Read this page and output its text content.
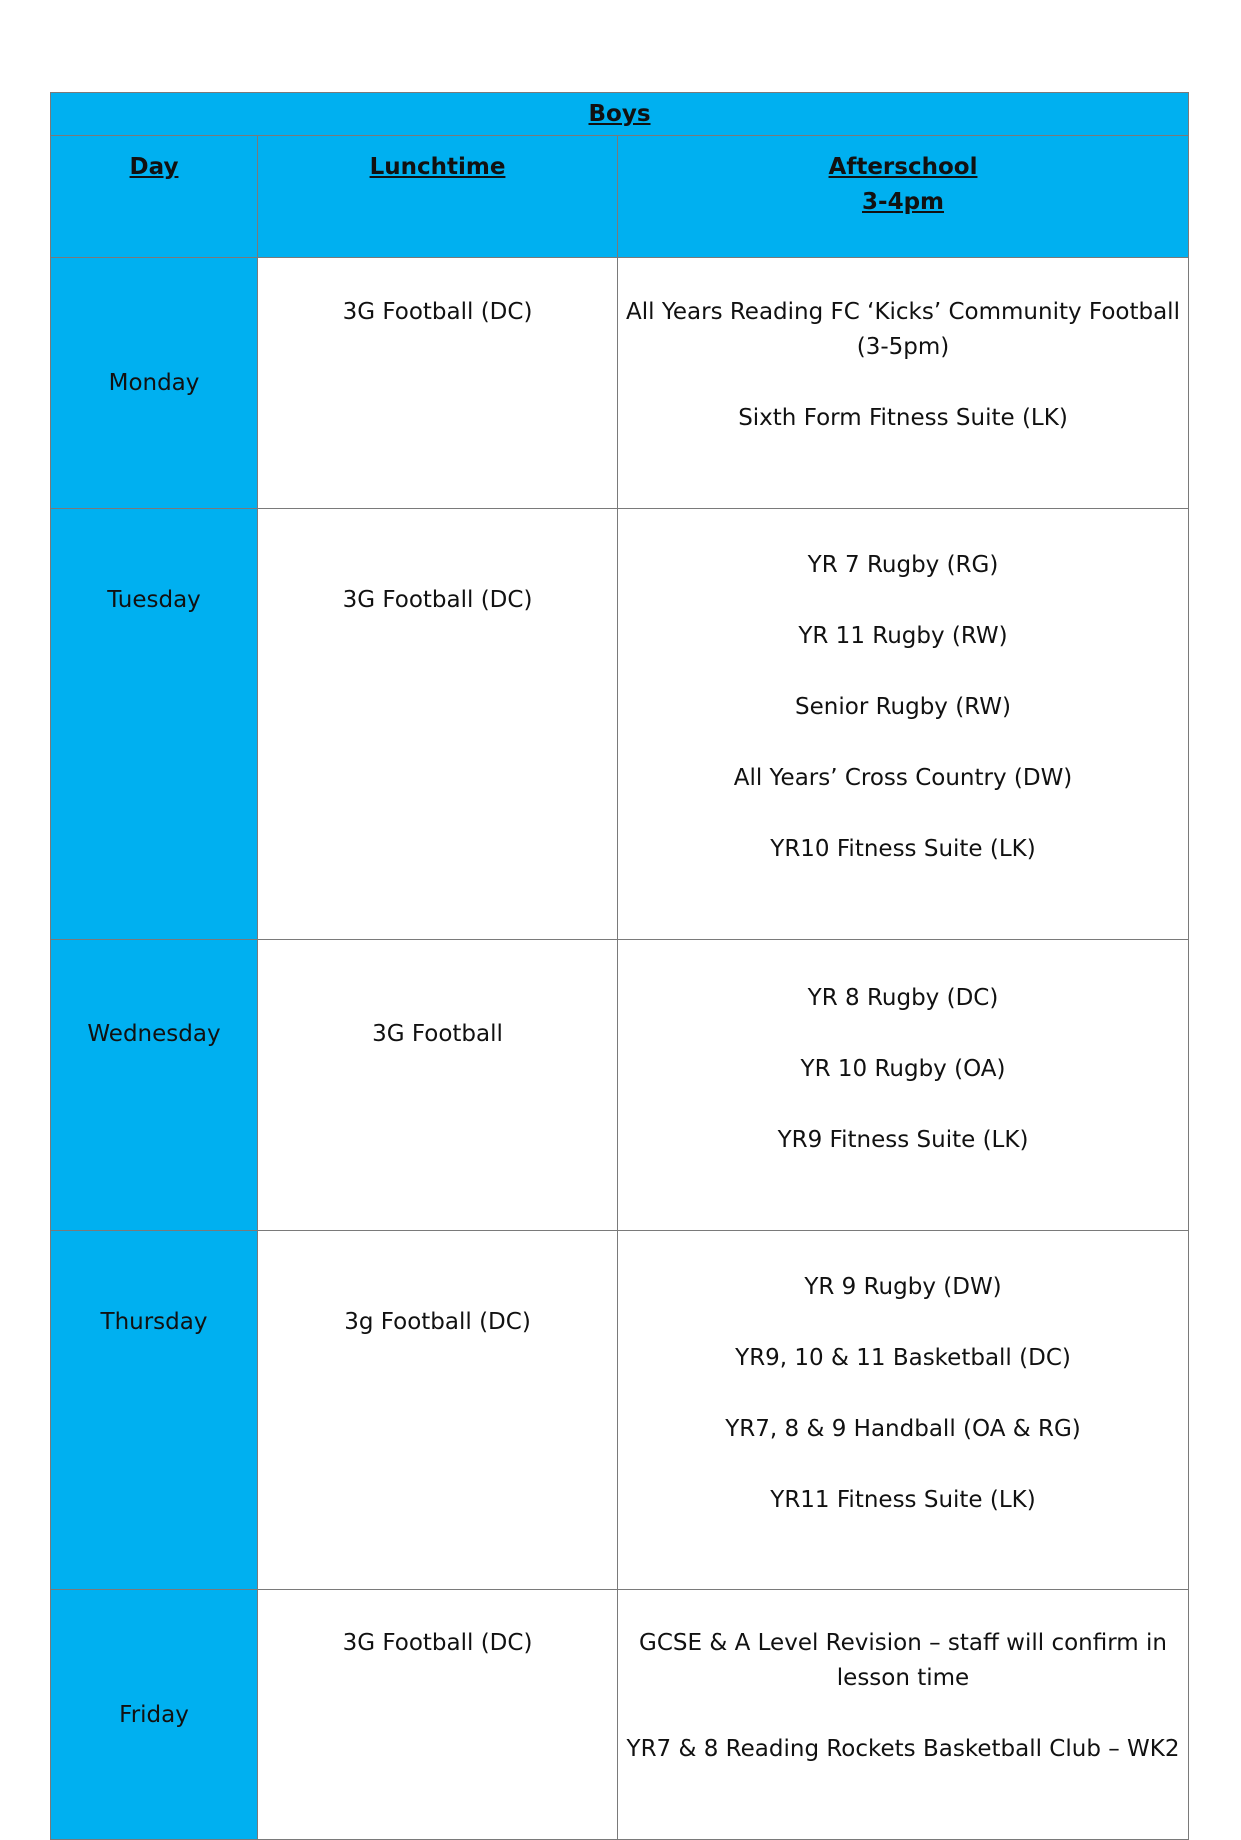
Boys		
Day	Lunchtime	Afterschool
3-4pm

Monday	3G Football (DC)	All Years Reading FC ‘Kicks’ Community Football (3-5pm)
Sixth Form Fitness Suite (LK)

Tuesday	3G Football (DC)	YR 7 Rugby (RG)
YR 11 Rugby (RW)
Senior Rugby (RW)
All Years’ Cross Country (DW)
YR10 Fitness Suite (LK)

Wednesday	3G Football	YR 8 Rugby (DC)
YR 10 Rugby (OA)
YR9 Fitness Suite (LK)

Thursday	3g Football (DC)	YR 9 Rugby (DW)
YR9, 10 & 11 Basketball (DC)
YR7, 8 & 9 Handball (OA & RG)
YR11 Fitness Suite (LK)

Friday	3G Football (DC)	GCSE & A Level Revision – staff will confirm in lesson time
YR7 & 8 Reading Rockets Basketball Club – WK2
